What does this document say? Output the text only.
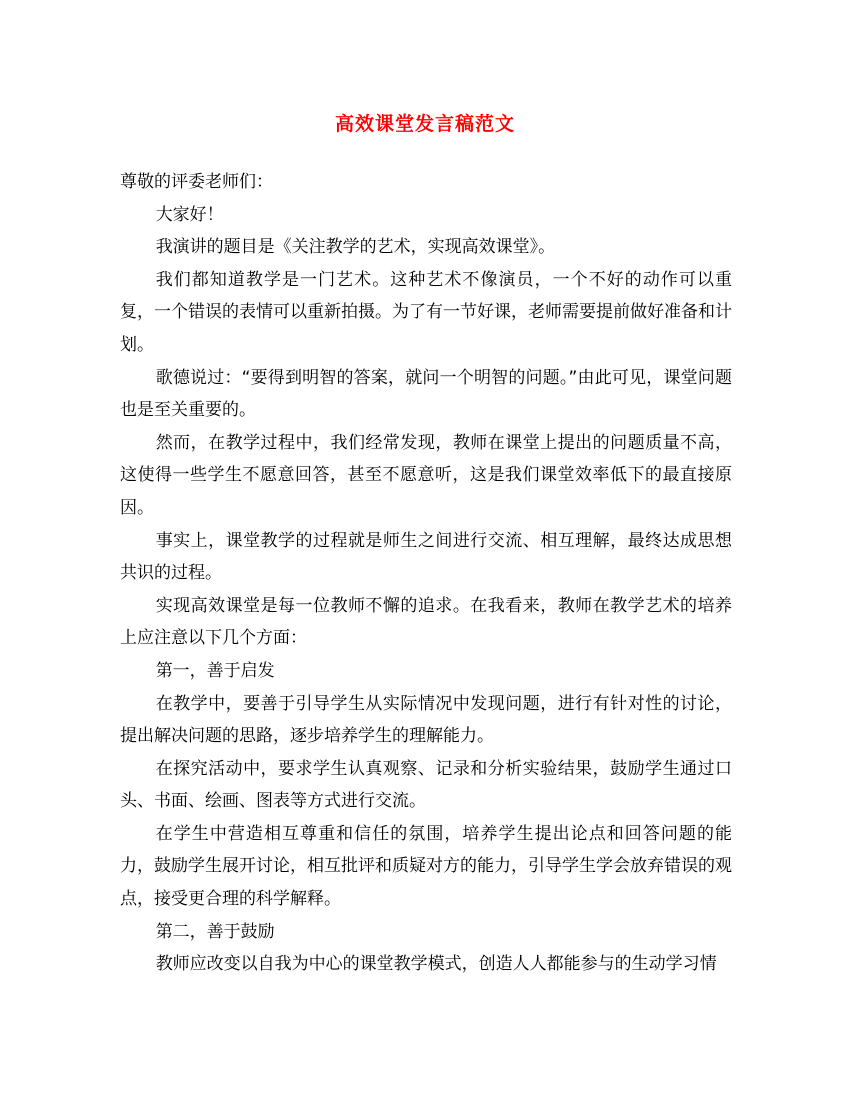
高效课堂发言稿范文

尊敬的评委老师们：

大家好！

我演讲的题目是《关注教学的艺术，实现高效课堂》。

我们都知道教学是一门艺术。这种艺术不像演员，一个不好的动作可以重复，一个错误的表情可以重新拍摄。为了有一节好课，老师需要提前做好准备和计划。

歌德说过：“要得到明智的答案，就问一个明智的问题。”由此可见，课堂问题也是至关重要的。

然而，在教学过程中，我们经常发现，教师在课堂上提出的问题质量不高，这使得一些学生不愿意回答，甚至不愿意听，这是我们课堂效率低下的最直接原因。

事实上，课堂教学的过程就是师生之间进行交流、相互理解，最终达成思想共识的过程。

实现高效课堂是每一位教师不懈的追求。在我看来，教师在教学艺术的培养上应注意以下几个方面：

第一，善于启发

在教学中，要善于引导学生从实际情况中发现问题，进行有针对性的讨论，提出解决问题的思路，逐步培养学生的理解能力。

在探究活动中，要求学生认真观察、记录和分析实验结果，鼓励学生通过口头、书面、绘画、图表等方式进行交流。

在学生中营造相互尊重和信任的氛围，培养学生提出论点和回答问题的能力，鼓励学生展开讨论，相互批评和质疑对方的能力，引导学生学会放弃错误的观点，接受更合理的科学解释。

第二，善于鼓励

教师应改变以自我为中心的课堂教学模式，创造人人都能参与的生动学习情
